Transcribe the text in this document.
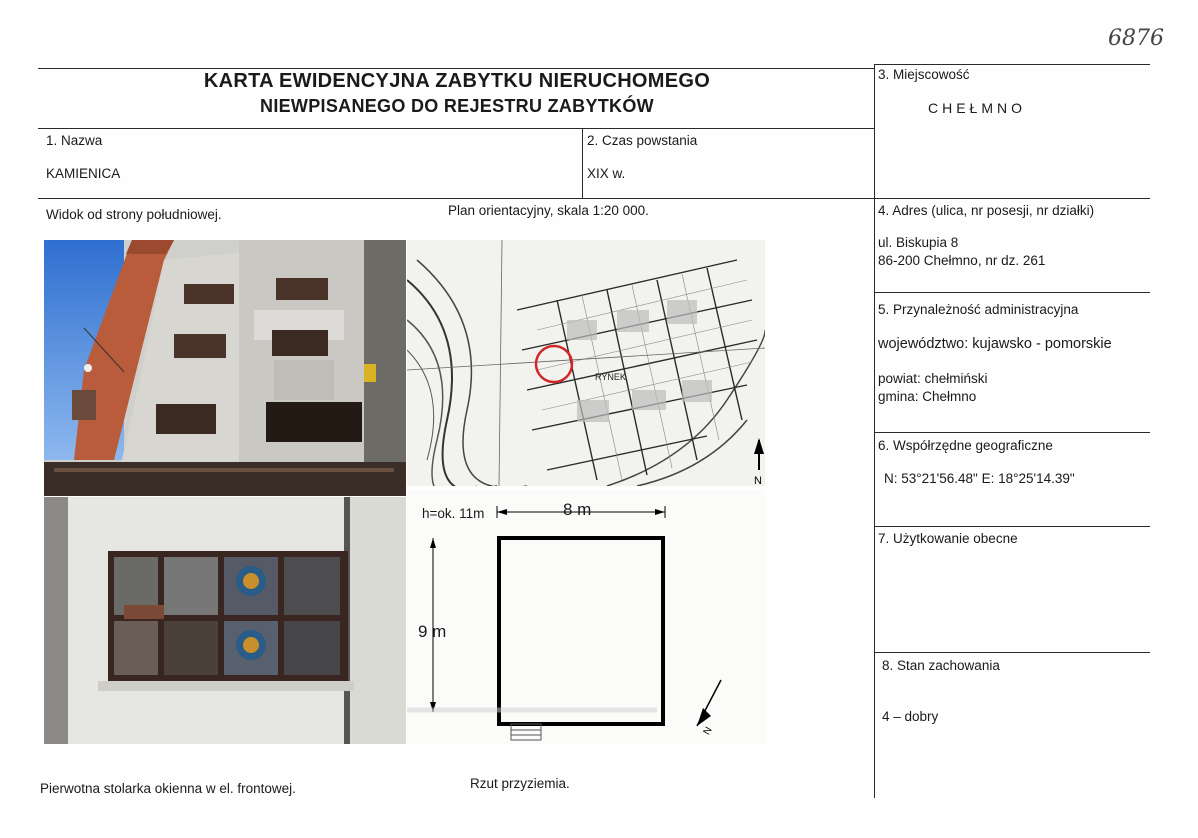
6876
KARTA EWIDENCYJNA ZABYTKU NIERUCHOMEGO
NIEWPISANEGO DO REJESTRU ZABYTKÓW
1. Nazwa
KAMIENICA
2. Czas powstania
XIX w.
3. Miejscowość
CHEŁMNO
4. Adres (ulica, nr posesji, nr działki)
ul. Biskupia 8
86-200 Chełmno, nr dz. 261
5. Przynależność administracyjna
województwo: kujawsko - pomorskie
powiat: chełmiński
gmina: Chełmno
6. Współrzędne geograficzne
N: 53°21'56.48" E: 18°25'14.39"
7. Użytkowanie obecne
8. Stan zachowania
4 – dobry
Widok od strony południowej.	Plan orientacyjny, skala 1:20 000.
Pierwotna stolarka okienna w el. frontowej.	Rzut przyziemia.
RYNEK
N
N
h=ok. 11m	8 m
9 m
